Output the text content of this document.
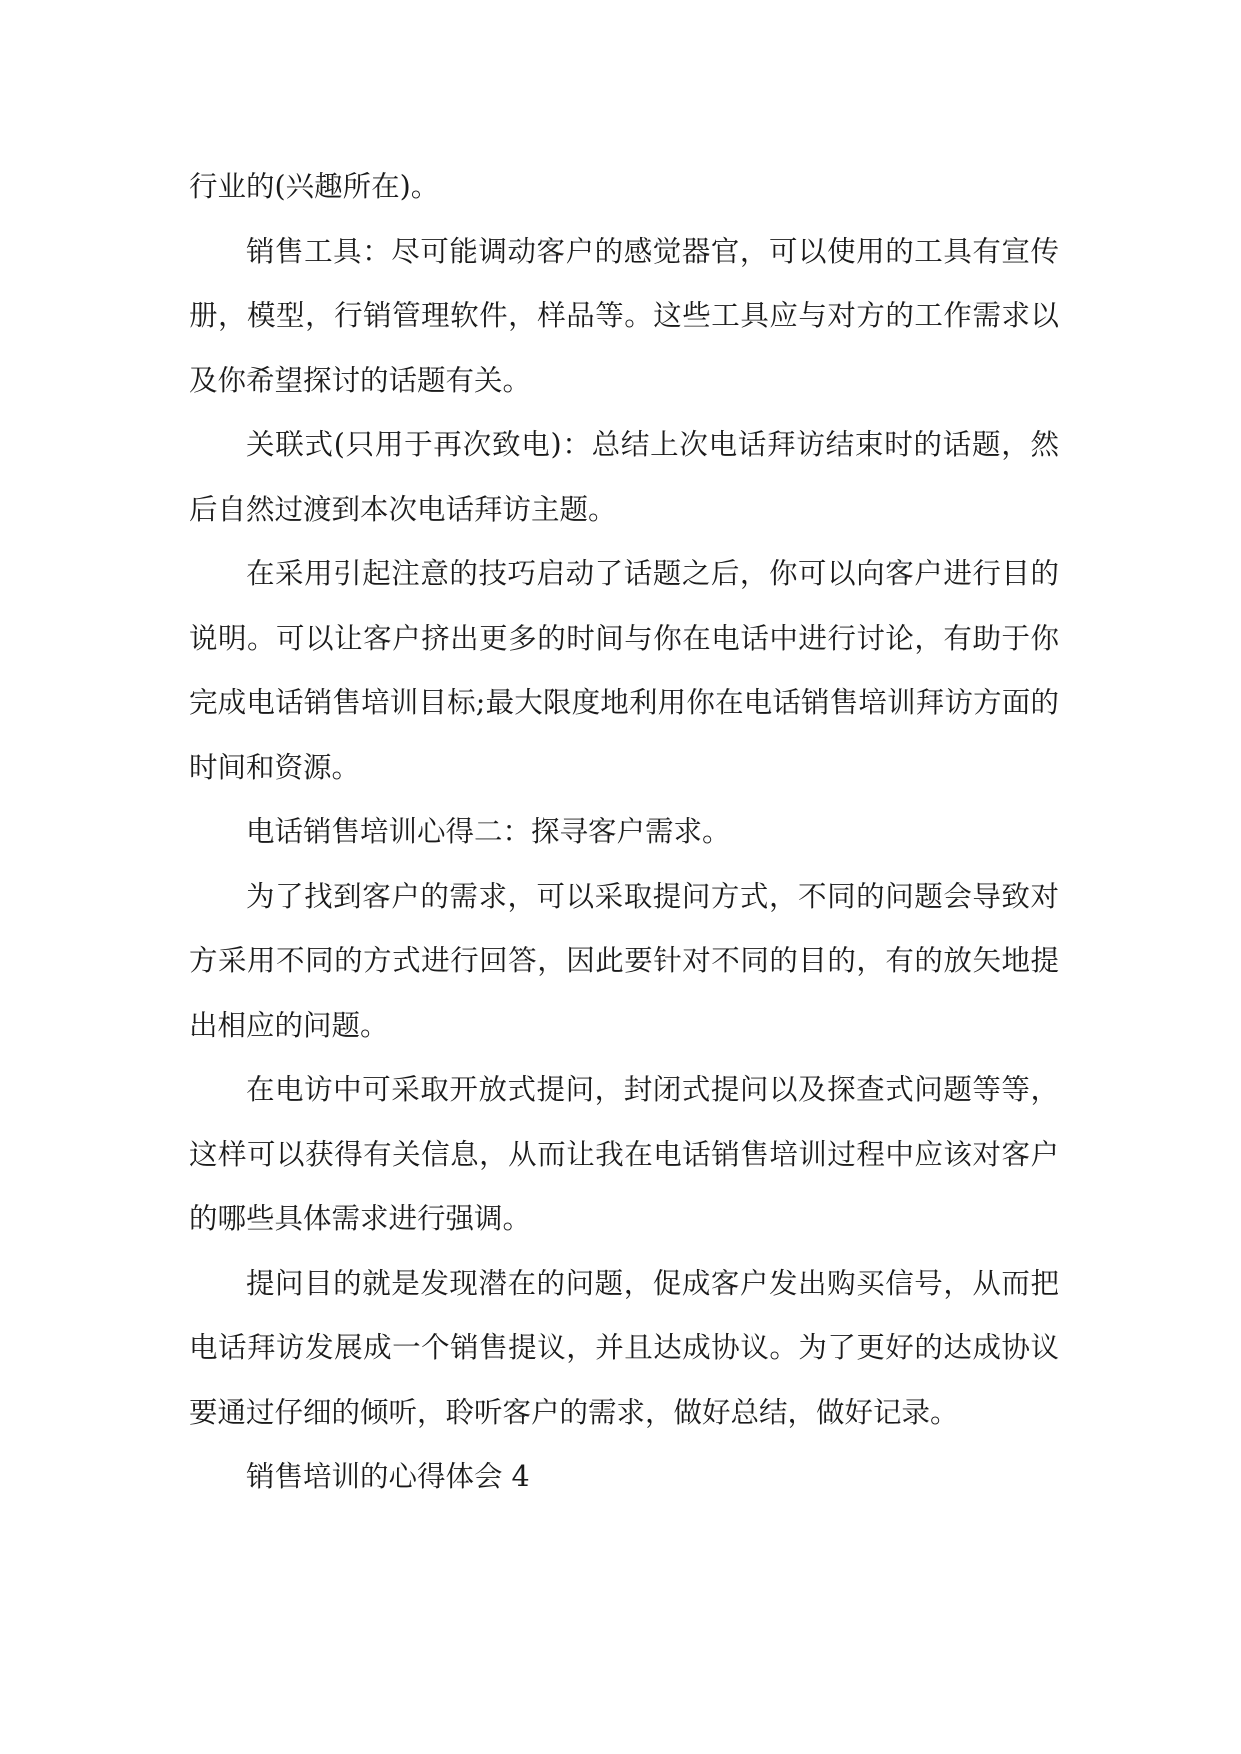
行业的(兴趣所在)。

销售工具：尽可能调动客户的感觉器官，可以使用的工具有宣传册，模型，行销管理软件，样品等。这些工具应与对方的工作需求以及你希望探讨的话题有关。

关联式(只用于再次致电)：总结上次电话拜访结束时的话题，然后自然过渡到本次电话拜访主题。

在采用引起注意的技巧启动了话题之后，你可以向客户进行目的说明。可以让客户挤出更多的时间与你在电话中进行讨论，有助于你完成电话销售培训目标;最大限度地利用你在电话销售培训拜访方面的时间和资源。

电话销售培训心得二：探寻客户需求。

为了找到客户的需求，可以采取提问方式，不同的问题会导致对方采用不同的方式进行回答，因此要针对不同的目的，有的放矢地提出相应的问题。

在电访中可采取开放式提问，封闭式提问以及探查式问题等等，这样可以获得有关信息，从而让我在电话销售培训过程中应该对客户的哪些具体需求进行强调。

提问目的就是发现潜在的问题，促成客户发出购买信号，从而把电话拜访发展成一个销售提议，并且达成协议。为了更好的达成协议要通过仔细的倾听，聆听客户的需求，做好总结，做好记录。

销售培训的心得体会 4
